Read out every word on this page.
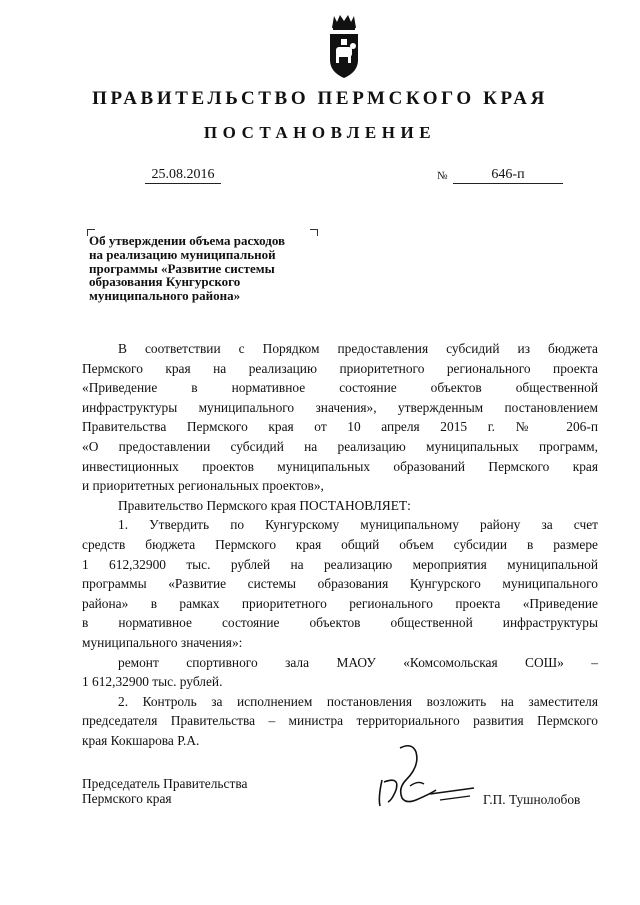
ПРАВИТЕЛЬСТВО ПЕРМСКОГО КРАЯ
ПОСТАНОВЛЕНИЕ
25.08.2016	№	646-п
Об утверждении объема расходов
на реализацию муниципальной
программы «Развитие системы
образования Кунгурского
муниципального района»
В соответствии с Порядком предоставления субсидий из бюджета
Пермского края на реализацию приоритетного регионального проекта
«Приведение в нормативное состояние объектов общественной
инфраструктуры муниципального значения», утвержденным постановлением
Правительства Пермского края от 10 апреля 2015 г. № 206-п
«О предоставлении субсидий на реализацию муниципальных программ,
инвестиционных проектов муниципальных образований Пермского края
и приоритетных региональных проектов»,
Правительство Пермского края ПОСТАНОВЛЯЕТ:
1. Утвердить по Кунгурскому муниципальному району за счет
средств бюджета Пермского края общий объем субсидии в размере
1 612,32900 тыс. рублей на реализацию мероприятия муниципальной
программы «Развитие системы образования Кунгурского муниципального
района» в рамках приоритетного регионального проекта «Приведение
в нормативное состояние объектов общественной инфраструктуры
муниципального значения»:
ремонт спортивного зала МАОУ «Комсомольская СОШ» –
1 612,32900 тыс. рублей.
2. Контроль за исполнением постановления возложить на заместителя
председателя Правительства – министра территориального развития Пермского
края Кокшарова Р.А.
Председатель Правительства
Пермского края	Г.П. Тушнолобов
